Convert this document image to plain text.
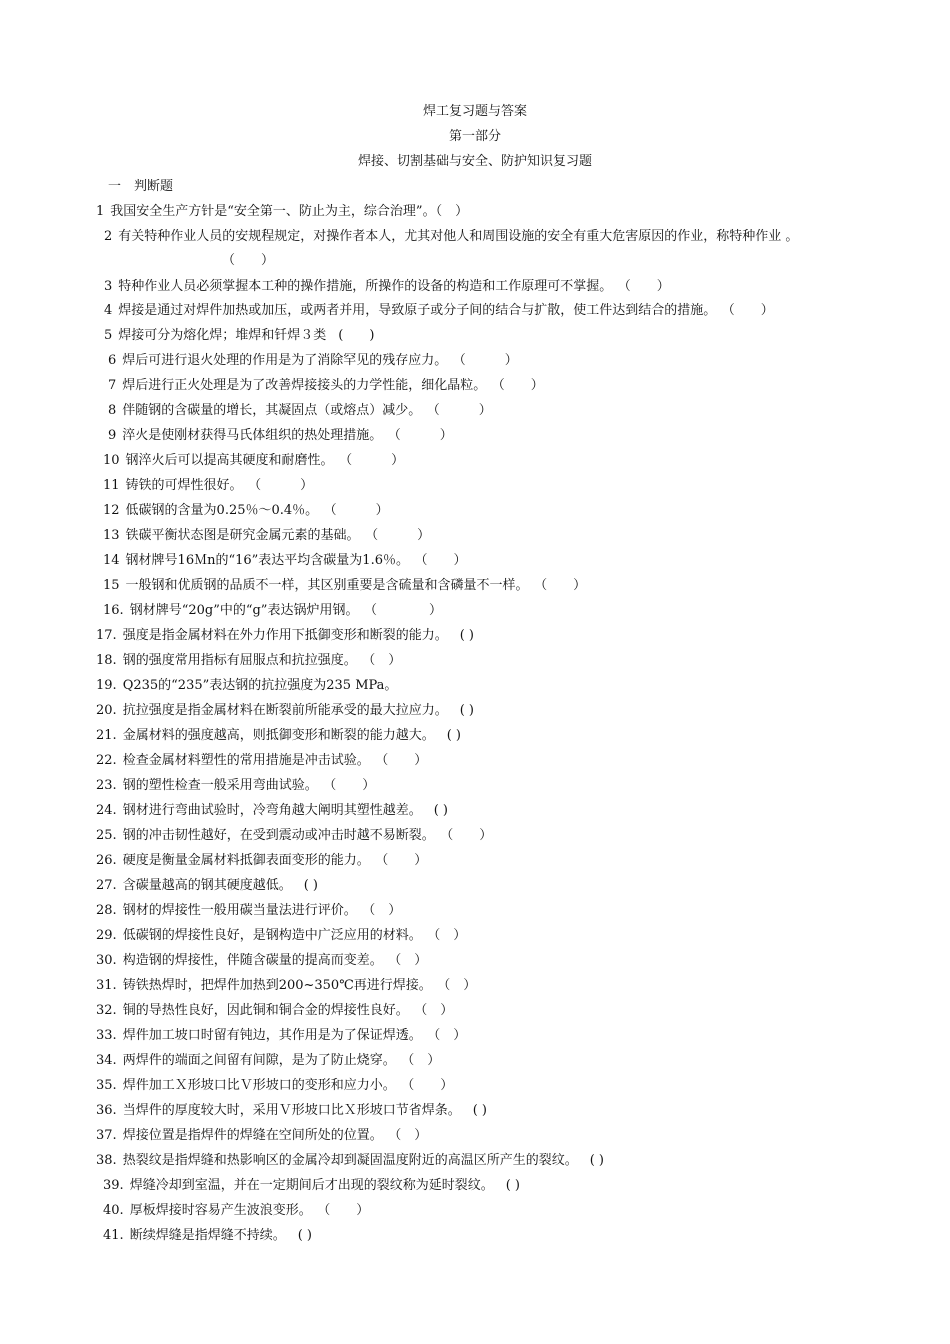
焊工复习题与答案
第一部分
焊接、切割基础与安全、防护知识复习题
一　判断题
1 我国安全生产方针是“安全第一、防止为主，综合治理”。（　）
（　　）
2 有关特种作业人员的安规程规定，对操作者本人，尤其对他人和周围设施的安全有重大危害原因的作业，称特种作业 。
3 特种作业人员必须掌握本工种的操作措施，所操作的设备的构造和工作原理可不掌握。 （　　）
4 焊接是通过对焊件加热或加压，或两者并用，导致原子或分子间的结合与扩散，使工件达到结合的措施。 （　　）
5 焊接可分为熔化焊；堆焊和钎焊３类 (　　)
6 焊后可进行退火处理的作用是为了消除罕见的残存应力。 （　　　）
7 焊后进行正火处理是为了改善焊接接头的力学性能，细化晶粒。 （　　）
8 伴随钢的含碳量的增长，其凝固点（或熔点）减少。 （　　　）
9 淬火是使刚材获得马氏体组织的热处理措施。 （　　　）
10 钢淬火后可以提高其硬度和耐磨性。 （　　　）
11 铸铁的可焊性很好。 （　　　）
12 低碳钢的含量为0.25％～0.4％。 （　　　）
13 铁碳平衡状态图是研究金属元素的基础。 （　　　）
14 钢材牌号16Ｍn的“16”表达平均含碳量为1.6％。 （　　）
15 一般钢和优质钢的品质不一样，其区别重要是含硫量和含磷量不一样。 （　　）
16. 钢材牌号“20g”中的“g”表达锅炉用钢。 （　　　　）
17. 强度是指金属材料在外力作用下抵御变形和断裂的能力。 ( )
18. 钢的强度常用指标有屈服点和抗拉强度。 （　）
19. Q235的“235”表达钢的抗拉强度为235 MPa。
20. 抗拉强度是指金属材料在断裂前所能承受的最大拉应力。 ( )
21. 金属材料的强度越高，则抵御变形和断裂的能力越大。 ( )
22. 检查金属材料塑性的常用措施是冲击试验。 （　　）
23. 钢的塑性检查一般采用弯曲试验。 （　　）
24. 钢材进行弯曲试验时，冷弯角越大阐明其塑性越差。 ( )
25. 钢的冲击韧性越好，在受到震动或冲击时越不易断裂。 （　　）
26. 硬度是衡量金属材料抵御表面变形的能力。 （　　）
27. 含碳量越高的钢其硬度越低。 ( )
28. 钢材的焊接性一般用碳当量法进行评价。 （　）
29. 低碳钢的焊接性良好，是钢构造中广泛应用的材料。 （　）
30. 构造钢的焊接性，伴随含碳量的提高而变差。 （　）
31. 铸铁热焊时，把焊件加热到200~350℃再进行焊接。 （　）
32. 铜的导热性良好，因此铜和铜合金的焊接性良好。 （　）
33. 焊件加工坡口时留有钝边，其作用是为了保证焊透。 （　）
34. 两焊件的端面之间留有间隙，是为了防止烧穿。 （　）
35. 焊件加工Ｘ形坡口比Ｖ形坡口的变形和应力小。 （　　）
36. 当焊件的厚度较大时，采用Ｖ形坡口比Ｘ形坡口节省焊条。 ( )
37. 焊接位置是指焊件的焊缝在空间所处的位置。 （　）
38. 热裂纹是指焊缝和热影响区的金属冷却到凝固温度附近的高温区所产生的裂纹。 ( )
39. 焊缝冷却到室温，并在一定期间后才出现的裂纹称为延时裂纹。 ( )
40. 厚板焊接时容易产生波浪变形。 （　　）
41. 断续焊缝是指焊缝不持续。 ( )
